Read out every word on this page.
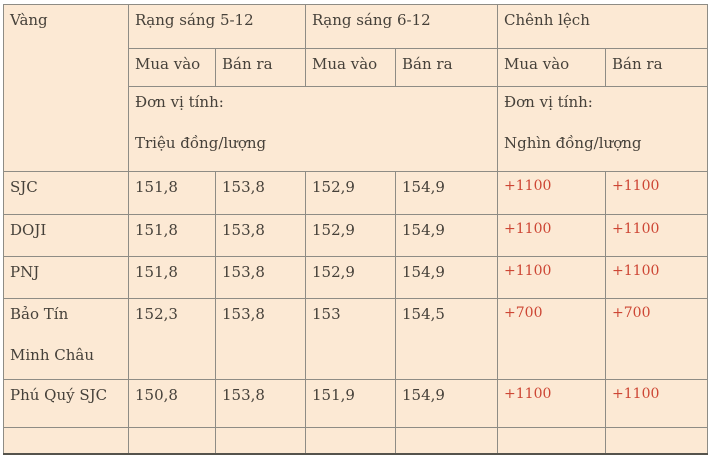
Vàng	Rạng sáng 5-12		Rạng sáng 6-12		Chênh lệch	
	Mua vào	Bán ra	Mua vào	Bán ra	Mua vào	Bán ra

Đơn vị tính:
Triệu đồng/lượng

Đơn vị tính:
Nghìn đồng/lượng

SJC	151,8	153,8	152,9	154,9	+1100	+1100

DOJI	151,8	153,8	152,9	154,9	+1100	+1100

PNJ	151,8	153,8	152,9	154,9	+1100	+1100

Bảo Tín
Minh Châu	152,3	153,8	153	154,5	+700	+700

Phú Quý SJC	150,8	153,8	151,9	154,9	+1100	+1100
